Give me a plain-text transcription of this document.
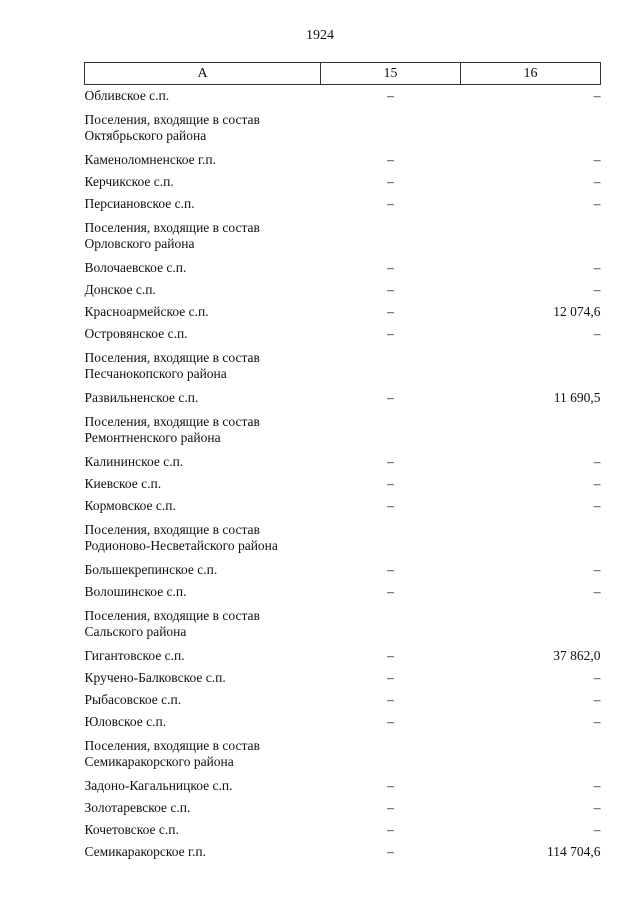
1924
А	15	16
Обливское с.п.	–	–
Поселения, входящие в состав Октябрьского района		
Каменоломненское г.п.	–	–
Керчикское с.п.	–	–
Персиановское с.п.	–	–
Поселения, входящие в состав Орловского района		
Волочаевское с.п.	–	–
Донское с.п.	–	–
Красноармейское с.п.	–	12 074,6
Островянское с.п.	–	–
Поселения, входящие в состав Песчанокопского района		
Развильненское с.п.	–	11 690,5
Поселения, входящие в состав Ремонтненского района		
Калининское с.п.	–	–
Киевское с.п.	–	–
Кормовское с.п.	–	–
Поселения, входящие в состав Родионово-Несветайского района		
Большекрепинское с.п.	–	–
Волошинское с.п.	–	–
Поселения, входящие в состав Сальского района		
Гигантовское с.п.	–	37 862,0
Кручено-Балковское с.п.	–	–
Рыбасовское с.п.	–	–
Юловское с.п.	–	–
Поселения, входящие в состав Семикаракорского района		
Задоно-Кагальницкое с.п.	–	–
Золотаревское с.п.	–	–
Кочетовское с.п.	–	–
Семикаракорское г.п.	–	114 704,6
